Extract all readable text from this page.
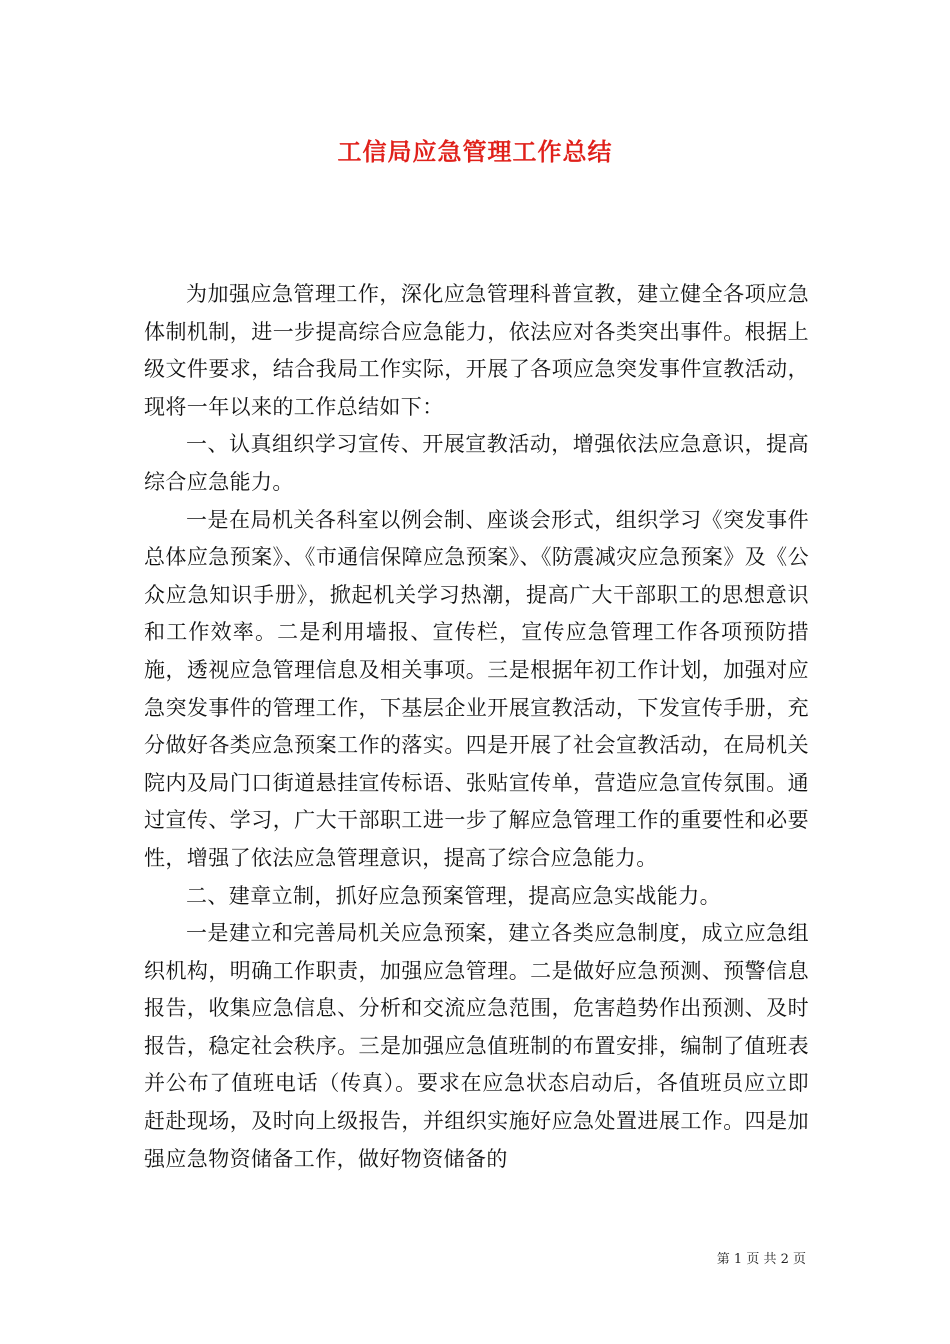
工信局应急管理工作总结

为加强应急管理工作，深化应急管理科普宣教，建立健全各项应急体制机制，进一步提高综合应急能力，依法应对各类突出事件。根据上级文件要求，结合我局工作实际，开展了各项应急突发事件宣教活动，现将一年以来的工作总结如下：

一、认真组织学习宣传、开展宣教活动，增强依法应急意识，提高综合应急能力。

一是在局机关各科室以例会制、座谈会形式，组织学习《突发事件总体应急预案》、《市通信保障应急预案》、《防震减灾应急预案》及《公众应急知识手册》，掀起机关学习热潮，提高广大干部职工的思想意识和工作效率。二是利用墙报、宣传栏，宣传应急管理工作各项预防措施，透视应急管理信息及相关事项。三是根据年初工作计划，加强对应急突发事件的管理工作，下基层企业开展宣教活动，下发宣传手册，充分做好各类应急预案工作的落实。四是开展了社会宣教活动，在局机关院内及局门口街道悬挂宣传标语、张贴宣传单，营造应急宣传氛围。通过宣传、学习，广大干部职工进一步了解应急管理工作的重要性和必要性，增强了依法应急管理意识，提高了综合应急能力。

二、建章立制，抓好应急预案管理，提高应急实战能力。

一是建立和完善局机关应急预案，建立各类应急制度，成立应急组织机构，明确工作职责，加强应急管理。二是做好应急预测、预警信息报告，收集应急信息、分析和交流应急范围，危害趋势作出预测、及时报告，稳定社会秩序。三是加强应急值班制的布置安排，编制了值班表并公布了值班电话（传真）。要求在应急状态启动后，各值班员应立即赶赴现场，及时向上级报告，并组织实施好应急处置进展工作。四是加强应急物资储备工作，做好物资储备的

第 1 页 共 2 页
